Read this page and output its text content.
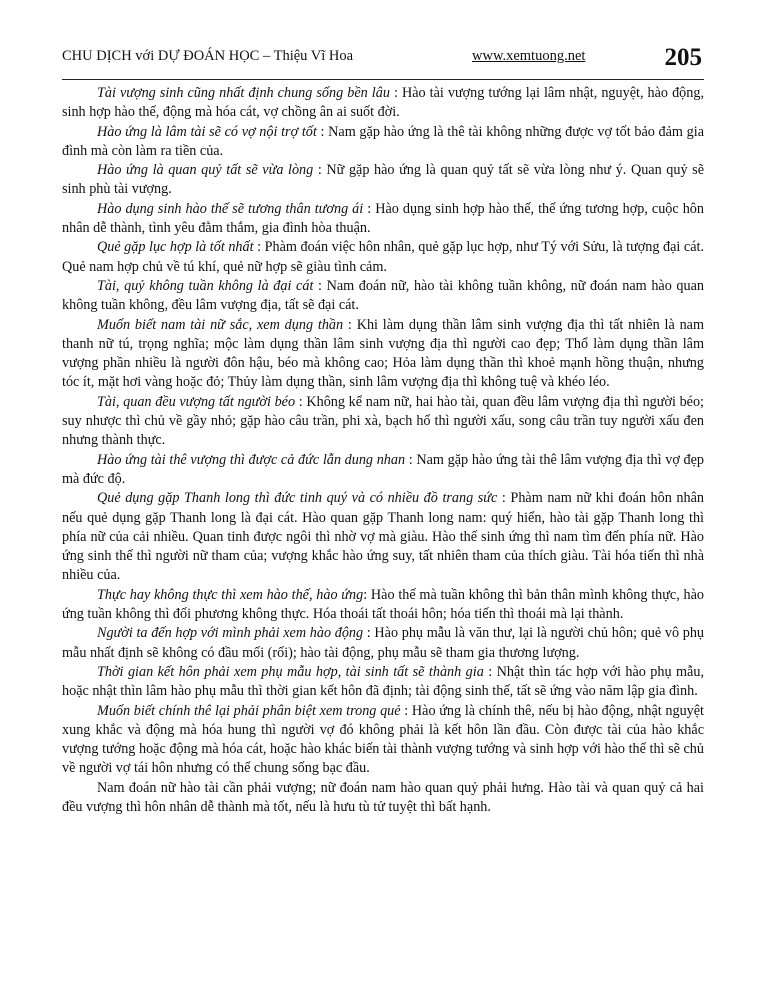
CHU DỊCH với DỰ ĐOÁN HỌC – Thiệu Vĩ Hoa	www.xemtuong.net	205

Tài vượng sinh cũng nhất định chung sống bền lâu : Hào tài vượng tướng lại lâm nhật, nguyệt, hào động, sinh hợp hào thế, động mà hóa cát, vợ chồng ân ai suốt đời.

Hào ứng là lâm tài sẽ có vợ nội trợ tốt : Nam gặp hào ứng là thê tài không những được vợ tốt bảo đảm gia đình mà còn làm ra tiền của.

Hào ứng là quan quỷ tất sẽ vừa lòng : Nữ gặp hào ứng là quan quỷ tất sẽ vừa lòng như ý. Quan quỷ sẽ sinh phù tài vượng.

Hào dụng sinh hào thế sẽ tương thân tương ái : Hào dụng sinh hợp hào thế, thế ứng tương hợp, cuộc hôn nhân dễ thành, tình yêu đằm thắm, gia đình hòa thuận.

Quẻ gặp lục hợp là tốt nhất : Phàm đoán việc hôn nhân, quẻ gặp lục hợp, như Tý với Sửu, là tượng đại cát. Quẻ nam hợp chủ về tú khí, quẻ nữ hợp sẽ giàu tình cảm.

Tài, quỷ không tuần không là đại cát : Nam đoán nữ, hào tài không tuần không, nữ đoán nam hào quan không tuần không, đều lâm vượng địa, tất sẽ đại cát.

Muốn biết nam tài nữ sắc, xem dụng thần : Khi làm dụng thần lâm sinh vượng địa thì tất nhiên là nam thanh nữ tú, trọng nghĩa; mộc làm dụng thần lâm sinh vượng địa thì người cao đẹp; Thổ làm dụng thần lâm vượng phần nhiều là người đôn hậu, béo mà không cao; Hỏa làm dụng thần thì khoẻ mạnh hồng thuận, nhưng tóc ít, mặt hơi vàng hoặc đỏ; Thủy làm dụng thần, sinh lâm vượng địa thì không tuệ và khéo léo.

Tài, quan đều vượng tất người béo : Không kể nam nữ, hai hào tài, quan đều lâm vượng địa thì người béo; suy nhược thì chủ về gầy nhỏ; gặp hào câu trần, phi xà, bạch hổ thì người xấu, song câu trần tuy người xấu đen nhưng thành thực.

Hào ứng tài thê vượng thì được cả đức lẫn dung nhan : Nam gặp hào ứng tài thê lâm vượng địa thì vợ đẹp mà đức độ.

Quẻ dụng gặp Thanh long thì đức tinh quý và có nhiều đồ trang sức : Phàm nam nữ khi đoán hôn nhân nếu quẻ dụng gặp Thanh long là đại cát. Hào quan gặp Thanh long nam: quý hiển, hào tài gặp Thanh long thì phía nữ của cải nhiều. Quan tinh được ngôi thì nhờ vợ mà giàu. Hào thế sinh ứng thì nam tìm đến phía nữ. Hào ứng sinh thế thì người nữ tham của; vượng khắc hào ứng suy, tất nhiên tham của thích giàu. Tài hóa tiến thì nhà nhiều của.

Thực hay không thực thì xem hào thế, hào ứng: Hào thế mà tuần không thì bản thân mình không thực, hào ứng tuần không thì đối phương không thực. Hóa thoái tất thoái hôn; hóa tiến thì thoái mà lại thành.

Người ta đến hợp với mình phải xem hào động : Hào phụ mẫu là văn thư, lại là người chủ hôn; quẻ vô phụ mẫu nhất định sẽ không có đầu mối (rối); hào tài động, phụ mẫu sẽ tham gia thương lượng.

Thời gian kết hôn phải xem phụ mẫu hợp, tài sinh tất sẽ thành gia : Nhật thìn tác hợp với hào phụ mẫu, hoặc nhật thìn lâm hào phụ mẫu thì thời gian kết hôn đã định; tài động sinh thế, tất sẽ ứng vào năm lập gia đình.

Muốn biết chính thê lại phải phân biệt xem trong quẻ : Hào ứng là chính thê, nếu bị hào động, nhật nguyệt xung khắc và động mà hóa hung thì người vợ đó không phải là kết hôn lần đầu. Còn được tài của hào khắc vượng tướng hoặc động mà hóa cát, hoặc hào khác biến tài thành vượng tướng và sinh hợp với hào thế thì sẽ chủ về người vợ tái hôn nhưng có thể chung sống bạc đầu.

Nam đoán nữ hào tài cần phải vượng; nữ đoán nam hào quan quỷ phải hưng. Hào tài và quan quỷ cả hai đều vượng thì hôn nhân dễ thành mà tốt, nếu là hưu tù tử tuyệt thì bất hạnh.
